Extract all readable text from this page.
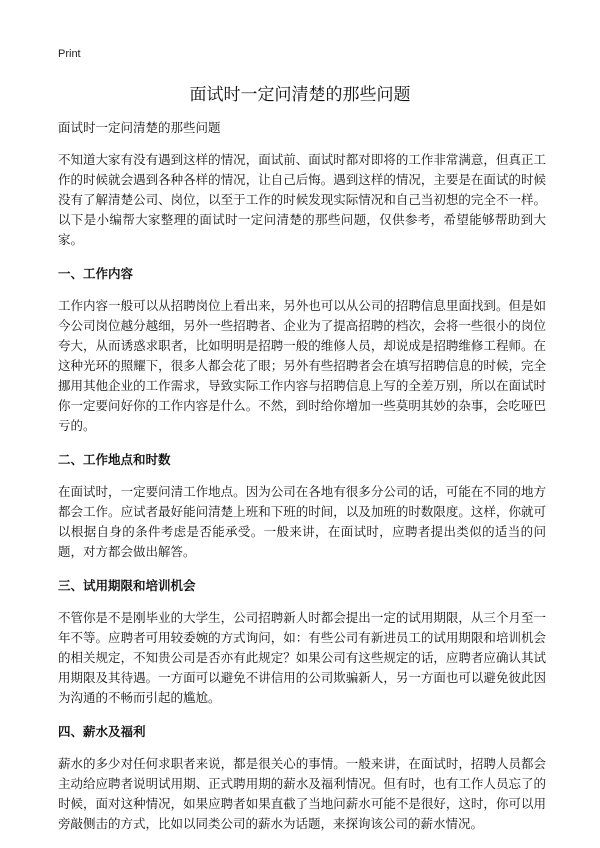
Print
面试时一定问清楚的那些问题

面试时一定问清楚的那些问题

不知道大家有没有遇到这样的情况，面试前、面试时都对即将的工作非常满意，但真正工作的时候就会遇到各种各样的情况，让自己后悔。遇到这样的情况，主要是在面试的时候没有了解清楚公司、岗位，以至于工作的时候发现实际情况和自己当初想的完全不一样。以下是小编帮大家整理的面试时一定问清楚的那些问题，仅供参考，希望能够帮助到大家。

一、工作内容

工作内容一般可以从招聘岗位上看出来，另外也可以从公司的招聘信息里面找到。但是如今公司岗位越分越细，另外一些招聘者、企业为了提高招聘的档次，会将一些很小的岗位夸大，从而诱惑求职者，比如明明是招聘一般的维修人员，却说成是招聘维修工程师。在这种光环的照耀下，很多人都会花了眼；另外有些招聘者会在填写招聘信息的时候，完全挪用其他企业的工作需求，导致实际工作内容与招聘信息上写的全差万别，所以在面试时你一定要问好你的工作内容是什么。不然，到时给你增加一些莫明其妙的杂事，会吃哑巴亏的。

二、工作地点和时数

在面试时，一定要问清工作地点。因为公司在各地有很多分公司的话，可能在不同的地方都会工作。应试者最好能问清楚上班和下班的时间，以及加班的时数限度。这样，你就可以根据自身的条件考虑是否能承受。一般来讲，在面试时，应聘者提出类似的适当的问题，对方都会做出解答。

三、试用期限和培训机会

不管你是不是刚毕业的大学生，公司招聘新人时都会提出一定的试用期限，从三个月至一年不等。应聘者可用较委婉的方式询问，如：有些公司有新进员工的试用期限和培训机会的相关规定，不知贵公司是否亦有此规定？如果公司有这些规定的话，应聘者应确认其试用期限及其待遇。一方面可以避免不讲信用的公司欺骗新人，另一方面也可以避免彼此因为沟通的不畅而引起的尴尬。

四、薪水及福利

薪水的多少对任何求职者来说，都是很关心的事情。一般来讲，在面试时，招聘人员都会主动给应聘者说明试用期、正式聘用期的薪水及福利情况。但有时，也有工作人员忘了的时候，面对这种情况，如果应聘者如果直截了当地问薪水可能不是很好，这时，你可以用旁敲侧击的方式，比如以同类公司的薪水为话题，来探询该公司的薪水情况。
